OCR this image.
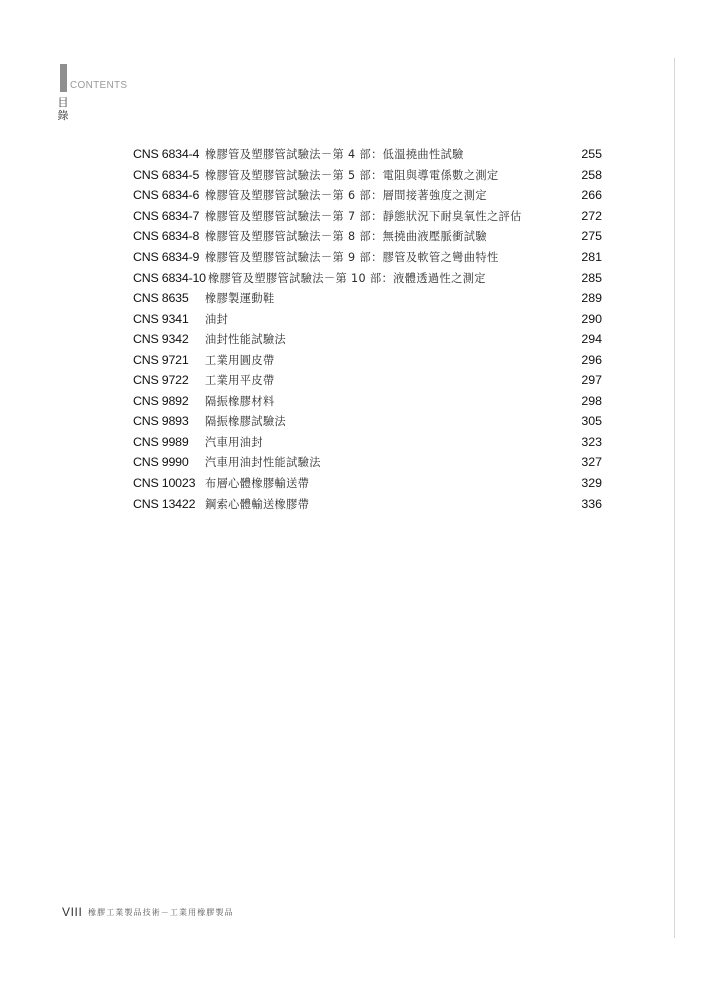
CONTENTS
目錄
CNS 6834-4 橡膠管及塑膠管試驗法－第 4 部：低溫撓曲性試驗	255
CNS 6834-5 橡膠管及塑膠管試驗法－第 5 部：電阻與導電係數之測定	258
CNS 6834-6 橡膠管及塑膠管試驗法－第 6 部：層間接著強度之測定	266
CNS 6834-7 橡膠管及塑膠管試驗法－第 7 部：靜態狀況下耐臭氧性之評估	272
CNS 6834-8 橡膠管及塑膠管試驗法－第 8 部：無撓曲液壓脈衝試驗	275
CNS 6834-9 橡膠管及塑膠管試驗法－第 9 部：膠管及軟管之彎曲特性	281
CNS 6834-10 橡膠管及塑膠管試驗法－第 10 部：液體透過性之測定	285
CNS 8635	橡膠製運動鞋	289
CNS 9341	油封	290
CNS 9342	油封性能試驗法	294
CNS 9721	工業用圓皮帶	296
CNS 9722	工業用平皮帶	297
CNS 9892	隔振橡膠材料	298
CNS 9893	隔振橡膠試驗法	305
CNS 9989	汽車用油封	323
CNS 9990	汽車用油封性能試驗法	327
CNS 10023 布層心體橡膠輸送帶	329
CNS 13422 鋼索心體輸送橡膠帶	336
VIII 橡膠工業製品技術－工業用橡膠製品
